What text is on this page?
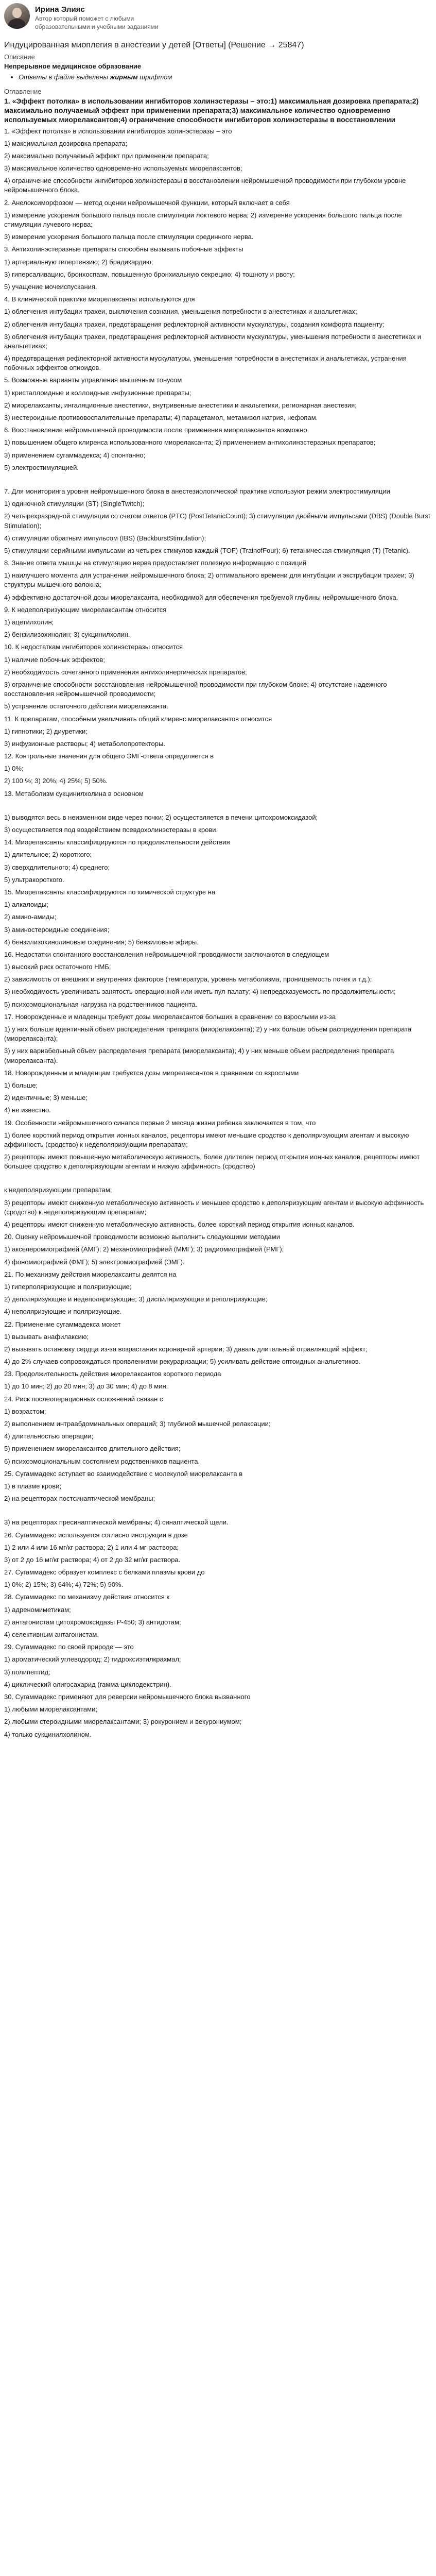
Ирина Элияс
Автор который поможет с любыми образовательными и учебными заданиями
Индуцированная миоплегия в анестезии у детей [Ответы] (Решение → 25847)

Описание

Непрерывное медицинское образование

• Ответы в файле выделены жирным шрифтом

Оглавление

1. «Эффект потолка» в использовании ингибиторов холинэстеразы – это:1) максимальная дозировка препарата;2) максимально получаемый эффект при применении препарата;3) максимальное количество одновременно используемых миорелаксантов;4) ограничение способности ингибиторов холинэстеразы в восстановлении

1. «Эффект потолка» в использовании ингибиторов холинэстеразы – это

1) максимальная дозировка препарата;

2) максимально получаемый эффект при применении препарата;

3) максимальное количество одновременно используемых миорелаксантов;

4) ограничение способности ингибиторов холинэстеразы в восстановлении нейромышечной проводимости при глубоком уровне нейромышечного блока.

2. Анелоксиморфозом — метод оценки нейромышечной функции, который включает в себя

1) измерение ускорения большого пальца после стимуляции локтевого нерва; 2) измерение ускорения большого пальца после стимуляции лучевого нерва;

3) измерение ускорения большого пальца после стимуляции срединного нерва.

3. Антихолинэстеразные препараты способны вызывать побочные эффекты

1) артериальную гипертензию; 2) брадикардию;

3) гиперсаливацию, бронхоспазм, повышенную бронхиальную секрецию; 4) тошноту и рвоту;

5) учащение мочеиспускания.

4. В клинической практике миорелаксанты используются для

1) облегчения интубации трахеи, выключения сознания, уменьшения потребности в анестетиках и анальгетиках;

2) облегчения интубации трахеи, предотвращения рефлекторной активности мускулатуры, создания комфорта пациенту;

3) облегчения интубации трахеи, предотвращения рефлекторной активности мускулатуры, уменьшения потребности в анестетиках и анальгетиках;

4) предотвращения рефлекторной активности мускулатуры, уменьшения потребности в анестетиках и анальгетиках, устранения побочных эффектов опиоидов.

5. Возможные варианты управления мышечным тонусом

1) кристаллоидные и коллоидные инфузионные препараты;

2) миорелаксанты, ингаляционные анестетики, внутривенные анестетики и анальгетики, регионарная анестезия;

3) нестероидные противовоспалительные препараты; 4) парацетамол, метамизол натрия, нефопам.

6. Восстановление нейромышечной проводимости после применения миорелаксантов возможно

1) повышением общего клиренса использованного миорелаксанта; 2) применением антихолинэстеразных препаратов;

3) применением сугаммадекса; 4) спонтанно;

5) электростимуляцией.

7. Для мониторинга уровня нейромышечного блока в анестезиологической практике используют режим электростимуляции

1) одиночной стимуляции (ST) (SingleTwitch);

2) четырехразрядной стимуляции со счетом ответов (PTC) (PostTetanicCount); 3) стимуляции двойными импульсами (DBS) (Double Burst Stimulation);

4) стимуляции обратным импульсом (IBS) (BackburstStimulation);

5) стимуляции серийными импульсами из четырех стимулов каждый (TOF) (TrainofFour); 6) тетаническая стимуляция (T) (Tetanic).

8. Знание ответа мышцы на стимуляцию нерва предоставляет полезную информацию с позиций

1) наилучшего момента для устранения нейромышечного блока; 2) оптимального времени для интубации и экструбации трахеи; 3) структуры мышечного волокна;

4) эффективно достаточной дозы миорелаксанта, необходимой для обеспечения требуемой глубины нейромышечного блока.

9. К недеполяризующим миорелаксантам относится

1) ацетилхолин;

2) бензилизохинолин; 3) сукцинилхолин.

10. К недостаткам ингибиторов холинэстеразы относится

1) наличие побочных эффектов;

2) необходимость сочетанного применения антихолинергических препаратов;

3) ограничение способности восстановления нейромышечной проводимости при глубоком блоке; 4) отсутствие надежного восстановления нейромышечной проводимости;

5) устранение остаточного действия миорелаксанта.

11. К препаратам, способным увеличивать общий клиренс миорелаксантов относится

1) гипнотики; 2) диуретики;

3) инфузионные растворы; 4) метаболопротекторы.

12. Контрольные значения для общего ЭМГ-ответа определяется в

1) 0%;

2) 100 %; 3) 20%; 4) 25%; 5) 50%.

13. Метаболизм сукцинилхолина в основном

1) выводятся весь в неизменном виде через почки; 2) осуществляется в печени цитохромоксидазой;

3) осуществляется под воздействием псевдохолинэстеразы в крови.

14. Миорелаксанты классифицируются по продолжительности действия

1) длительное; 2) короткого;

3) сверхдлительного; 4) среднего;

5) ультракороткого.

15. Миорелаксанты классифицируются по химической структуре на

1) алкалоиды;

2) амино-амиды;

3) аминостероидные соединения;

4) бензилизохинолиновые соединения; 5) бензиловые эфиры.

16. Недостатки спонтанного восстановления нейромышечной проводимости заключаются в следующем

1) высокий риск остаточного НМБ;

2) зависимость от внешних и внутренних факторов (температура, уровень метаболизма, проницаемость почек и т.д.);

3) необходимость увеличивать занятость операционной или иметь пул-палату; 4) непредсказуемость по продолжительности;

5) психоэмоциональная нагрузка на родственников пациента.

17. Новорожденные и младенцы требуют дозы миорелаксантов больших в сравнении со взрослыми из-за

1) у них больше идентичный объем распределения препарата (миорелаксанта); 2) у них больше объем распределения препарата (миорелаксанта);

3) у них вариабельный объем распределения препарата (миорелаксанта); 4) у них меньше объем распределения препарата (миорелаксанта).

18. Новорожденным и младенцам требуется дозы миорелаксантов в сравнении со взрослыми

1) больше;

2) идентичные; 3) меньше;

4) не известно.

19. Особенности нейромышечного синапса первые 2 месяца жизни ребенка заключается в том, что

1) более короткий период открытия ионных каналов, рецепторы имеют меньшие сродство к деполяризующим агентам и высокую аффинность (сродство) к недеполяризующим препаратам;

2) рецепторы имеют повышенную метаболическую активность, более длителен период открытия ионных каналов, рецепторы имеют большее сродство к деполяризующим агентам и низкую аффинность (сродство)

к недеполяризующим препаратам;

3) рецепторы имеют сниженную метаболическую активность и меньшее сродство к деполяризующим агентам и высокую аффинность (сродство) к недеполяризующим препаратам;

4) рецепторы имеют сниженную метаболическую активность, более короткий период открытия ионных каналов.

20. Оценку нейромышечной проводимости возможно выполнить следующими методами

1) акселеромиографией (АМГ); 2) механомиографией (ММГ); 3) радиомиографией (РМГ);

4) фономиографией (ФМГ); 5) электромиографией (ЭМГ).

21. По механизму действия миорелаксанты делятся на

1) гиперполяризующие и поляризующие;

2) деполяризующие и недеполяризующие; 3) диспиляризующие и реполяризующие;

4) неполяризующие и поляризующие.

22. Применение сугаммадекса может

1) вызывать анафилаксию;

2) вызывать остановку сердца из-за возрастания коронарной артерии; 3) давать длительный отравляющий эффект;

4) до 2% случаев сопровождаться проявлениями рекураризации; 5) усиливать действие оптоидных анальгетиков.

23. Продолжительность действия миорелаксантов короткого периода

1) до 10 мин; 2) до 20 мин; 3) до 30 мин; 4) до 8 мин.

24. Риск послеоперационных осложнений связан с

1) возрастом;

2) выполнением интраабдоминальных операций; 3) глубиной мышечной релаксации;

4) длительностью операции;

5) применением миорелаксантов длительного действия;

6) психоэмоциональным состоянием родственников пациента.

25. Сугаммадекс вступает во взаимодействие с молекулой миорелаксанта в

1) в плазме крови;

2) на рецепторах постсинаптической мембраны;

3) на рецепторах пресинаптической мембраны; 4) синаптической щели.

26. Сугаммадекс используется согласно инструкции в дозе

1) 2 или 4 или 16 мг/кг раствора; 2) 1 или 4 мг раствора;

3) от 2 до 16 мг/кг раствора; 4) от 2 до 32 мг/кг раствора.

27. Сугаммадекс образует комплекс с белками плазмы крови до

1) 0%; 2) 15%; 3) 64%; 4) 72%; 5) 90%.

28. Сугаммадекс по механизму действия относится к

1) адреномиметикам;

2) антагонистам цитохромоксидазы Р-450; 3) антидотам;

4) селективным антагонистам.

29. Сугаммадекс по своей природе — это

1) ароматический углеводород; 2) гидроксиэтилкрахмал;

3) полипептид;

4) циклический олигосахарид (гамма-циклодекстрин).

30. Сугаммадекс применяют для реверсии нейромышечного блока вызванного

1) любыми миорелаксантами;

2) любыми стероидными миорелаксантами; 3) рокуронием и векурониумом;

4) только сукцинилхолином.
